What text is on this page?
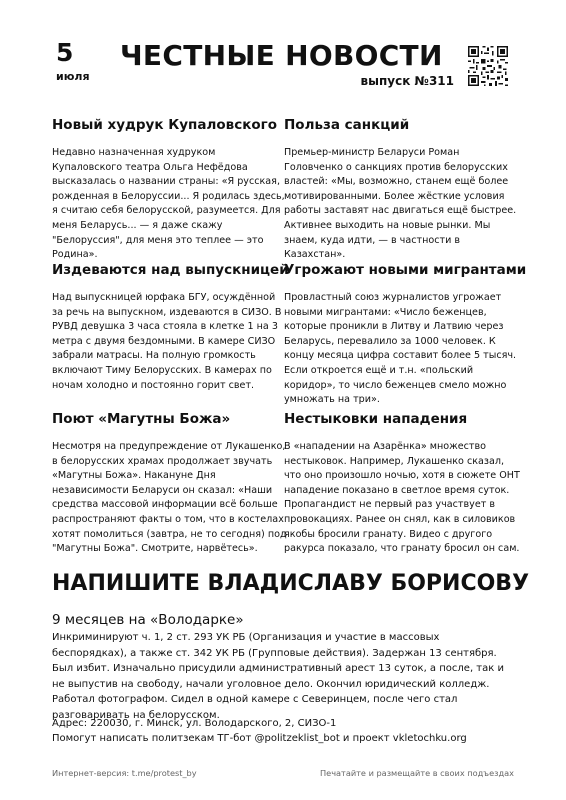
5
июля
ЧЕСТНЫЕ НОВОСТИ
выпуск №311
Новый худрук Купаловского

Недавно назначенная худруком Купаловского театра Ольга Нефёдова высказалась о названии страны: «Я русская, рожденная в Белоруссии... Я родилась здесь, я считаю себя белорусской, разумеется. Для меня Беларусь... — я даже скажу "Белоруссия", для меня это теплее — это Родина».

Польза санкций

Премьер-министр Беларуси Роман Головченко о санкциях против белорусских властей: «Мы, возможно, станем ещё более мотивированными. Более жёсткие условия работы заставят нас двигаться ещё быстрее. Активнее выходить на новые рынки. Мы знаем, куда идти, — в частности в Казахстан».

Издеваются над выпускницей

Над выпускницей юрфака БГУ, осуждённой за речь на выпускном, издеваются в СИЗО. В РУВД девушка 3 часа стояла в клетке 1 на 3 метра с двумя бездомными. В камере СИЗО забрали матрасы. На полную громкость включают Тиму Белорусских. В камерах по ночам холодно и постоянно горит свет.

Угрожают новыми мигрантами

Провластный союз журналистов угрожает новыми мигрантами: «Число беженцев, которые проникли в Литву и Латвию через Беларусь, перевалило за 1000 человек. К концу месяца цифра составит более 5 тысяч. Если откроется ещё и т.н. «польский коридор», то число беженцев смело можно умножать на три».

Поют «Магутны Божа»

Несмотря на предупреждение от Лукашенко, в белорусских храмах продолжает звучать «Магутны Божа». Накануне Дня независимости Беларуси он сказал: «Наши средства массовой информации всё больше распространяют факты о том, что в костелах хотят помолиться (завтра, не то сегодня) под "Магутны Божа". Смотрите, нарвётесь».

Нестыковки нападения

В «нападении на Азарёнка» множество нестыковок. Например, Лукашенко сказал, что оно произошло ночью, хотя в сюжете ОНТ нападение показано в светлое время суток. Пропагандист не первый раз участвует в провокациях. Ранее он снял, как в силовиков якобы бросили гранату. Видео с другого ракурса показало, что гранату бросил он сам.

НАПИШИТЕ ВЛАДИСЛАВУ БОРИСОВУ
9 месяцев на «Володарке»

Инкриминируют ч. 1, 2 ст. 293 УК РБ (Организация и участие в массовых беспорядках), а также ст. 342 УК РБ (Групповые действия). Задержан 13 сентября. Был избит. Изначально присудили административный арест 13 суток, а после, так и не выпустив на свободу, начали уголовное дело. Окончил юридический колледж. Работал фотографом. Сидел в одной камере с Северинцем, после чего стал разговаривать на белорусском.

Адрес: 220030, г. Минск, ул. Володарского, 2, СИЗО-1
Помогут написать политзекам ТГ-бот @politzeklist_bot и проект vkletochku.org
Интернет-версия: t.me/protest_by	Печатайте и размещайте в своих подъездах
